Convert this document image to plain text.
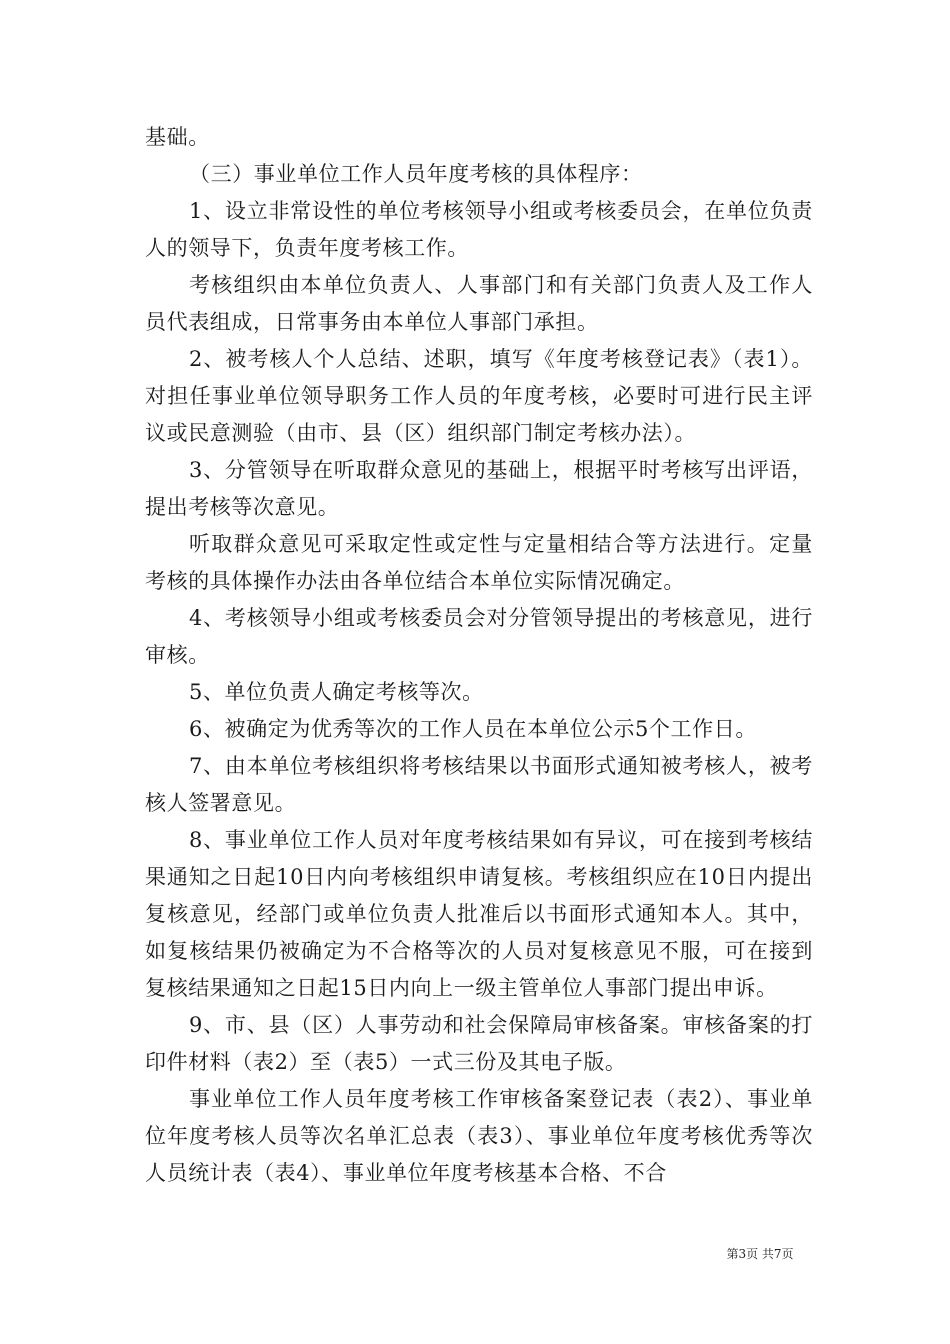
基础。

（三）事业单位工作人员年度考核的具体程序：

1、设立非常设性的单位考核领导小组或考核委员会，在单位负责人的领导下，负责年度考核工作。

考核组织由本单位负责人、人事部门和有关部门负责人及工作人员代表组成，日常事务由本单位人事部门承担。

2、被考核人个人总结、述职，填写《年度考核登记表》（表1）。对担任事业单位领导职务工作人员的年度考核，必要时可进行民主评议或民意测验（由市、县（区）组织部门制定考核办法）。

3、分管领导在听取群众意见的基础上，根据平时考核写出评语，提出考核等次意见。

听取群众意见可采取定性或定性与定量相结合等方法进行。定量考核的具体操作办法由各单位结合本单位实际情况确定。

4、考核领导小组或考核委员会对分管领导提出的考核意见，进行审核。

5、单位负责人确定考核等次。

6、被确定为优秀等次的工作人员在本单位公示5个工作日。

7、由本单位考核组织将考核结果以书面形式通知被考核人，被考核人签署意见。

8、事业单位工作人员对年度考核结果如有异议，可在接到考核结果通知之日起10日内向考核组织申请复核。考核组织应在10日内提出复核意见，经部门或单位负责人批准后以书面形式通知本人。其中，如复核结果仍被确定为不合格等次的人员对复核意见不服，可在接到复核结果通知之日起15日内向上一级主管单位人事部门提出申诉。

9、市、县（区）人事劳动和社会保障局审核备案。审核备案的打印件材料（表2）至（表5）一式三份及其电子版。

事业单位工作人员年度考核工作审核备案登记表（表2）、事业单位年度考核人员等次名单汇总表（表3）、事业单位年度考核优秀等次人员统计表（表4）、事业单位年度考核基本合格、不合

第3页 共7页
